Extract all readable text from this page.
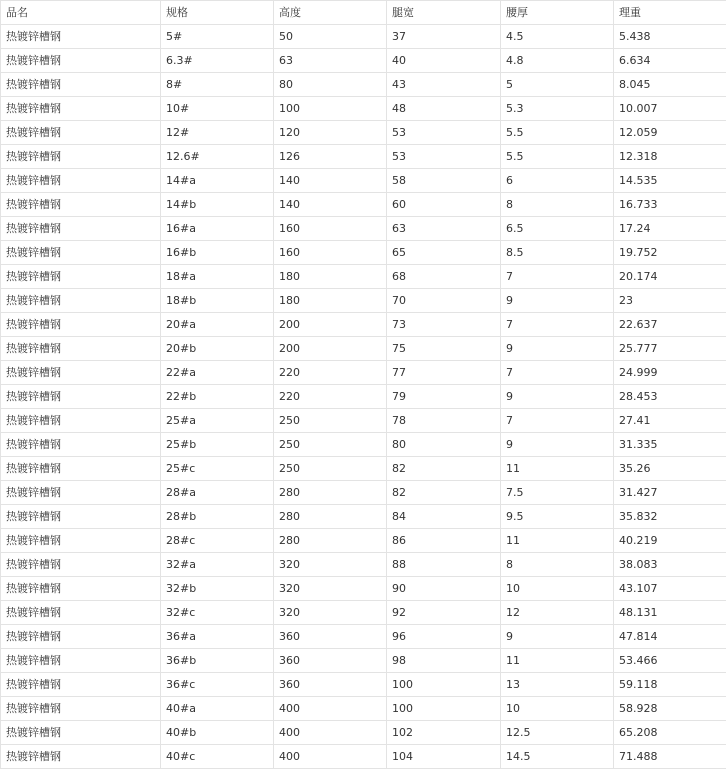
品名	规格	高度	腿宽	腰厚	理重
热镀锌槽钢	5#	50	37	4.5	5.438
热镀锌槽钢	6.3#	63	40	4.8	6.634
热镀锌槽钢	8#	80	43	5	8.045
热镀锌槽钢	10#	100	48	5.3	10.007
热镀锌槽钢	12#	120	53	5.5	12.059
热镀锌槽钢	12.6#	126	53	5.5	12.318
热镀锌槽钢	14#a	140	58	6	14.535
热镀锌槽钢	14#b	140	60	8	16.733
热镀锌槽钢	16#a	160	63	6.5	17.24
热镀锌槽钢	16#b	160	65	8.5	19.752
热镀锌槽钢	18#a	180	68	7	20.174
热镀锌槽钢	18#b	180	70	9	23
热镀锌槽钢	20#a	200	73	7	22.637
热镀锌槽钢	20#b	200	75	9	25.777
热镀锌槽钢	22#a	220	77	7	24.999
热镀锌槽钢	22#b	220	79	9	28.453
热镀锌槽钢	25#a	250	78	7	27.41
热镀锌槽钢	25#b	250	80	9	31.335
热镀锌槽钢	25#c	250	82	11	35.26
热镀锌槽钢	28#a	280	82	7.5	31.427
热镀锌槽钢	28#b	280	84	9.5	35.832
热镀锌槽钢	28#c	280	86	11	40.219
热镀锌槽钢	32#a	320	88	8	38.083
热镀锌槽钢	32#b	320	90	10	43.107
热镀锌槽钢	32#c	320	92	12	48.131
热镀锌槽钢	36#a	360	96	9	47.814
热镀锌槽钢	36#b	360	98	11	53.466
热镀锌槽钢	36#c	360	100	13	59.118
热镀锌槽钢	40#a	400	100	10	58.928
热镀锌槽钢	40#b	400	102	12.5	65.208
热镀锌槽钢	40#c	400	104	14.5	71.488
